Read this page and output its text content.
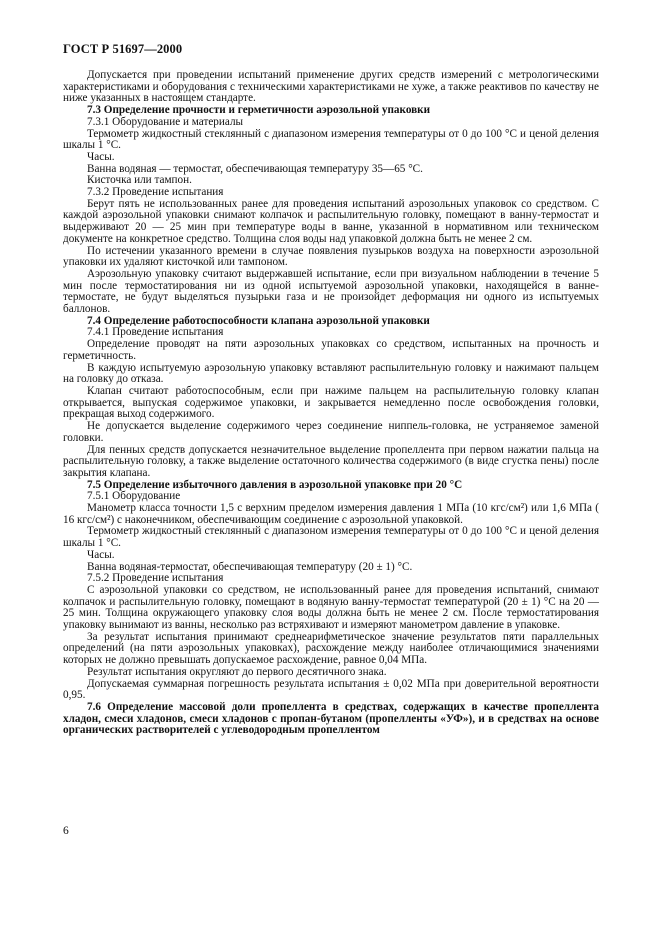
ГОСТ Р 51697—2000

Допускается при проведении испытаний применение других средств измерений с метрологическими характеристиками и оборудования с техническими характеристиками не хуже, а также реактивов по качеству не ниже указанных в настоящем стандарте.

7.3 Определение прочности и герметичности аэрозольной упаковки

7.3.1 Оборудование и материалы

Термометр жидкостный стеклянный с диапазоном измерения температуры от 0 до 100 °С и ценой деления шкалы 1 °С.

Часы.

Ванна водяная — термостат, обеспечивающая температуру 35—65 °С.

Кисточка или тампон.

7.3.2 Проведение испытания

Берут пять не использованных ранее для проведения испытаний аэрозольных упаковок со средством. С каждой аэрозольной упаковки снимают колпачок и распылительную головку, помещают в ванну-термостат и выдерживают 20 — 25 мин при температуре воды в ванне, указанной в нормативном или техническом документе на конкретное средство. Толщина слоя воды над упаковкой должна быть не менее 2 см.

По истечении указанного времени в случае появления пузырьков воздуха на поверхности аэрозольной упаковки их удаляют кисточкой или тампоном.

Аэрозольную упаковку считают выдержавшей испытание, если при визуальном наблюдении в течение 5 мин после термостатирования ни из одной испытуемой аэрозольной упаковки, находящейся в ванне-термостате, не будут выделяться пузырьки газа и не произойдет деформация ни одного из испытуемых баллонов.

7.4 Определение работоспособности клапана аэрозольной упаковки

7.4.1 Проведение испытания

Определение проводят на пяти аэрозольных упаковках со средством, испытанных на прочность и герметичность.

В каждую испытуемую аэрозольную упаковку вставляют распылительную головку и нажимают пальцем на головку до отказа.

Клапан считают работоспособным, если при нажиме пальцем на распылительную головку клапан открывается, выпуская содержимое упаковки, и закрывается немедленно после освобождения головки, прекращая выход содержимого.

Не допускается выделение содержимого через соединение ниппель-головка, не устраняемое заменой головки.

Для пенных средств допускается незначительное выделение пропеллента при первом нажатии пальца на распылительную головку, а также выделение остаточного количества содержимого (в виде сгустка пены) после закрытия клапана.

7.5 Определение избыточного давления в аэрозольной упаковке при 20 °С

7.5.1 Оборудование

Манометр класса точности 1,5 с верхним пределом измерения давления 1 МПа (10 кгс/см²) или 1,6 МПа ( 16 кгс/см²) с наконечником, обеспечивающим соединение с аэрозольной упаковкой.

Термометр жидкостный стеклянный с диапазоном измерения температуры от 0 до 100 °С и ценой деления шкалы 1 °С.

Часы.

Ванна водяная-термостат, обеспечивающая температуру (20 ± 1) °С.

7.5.2 Проведение испытания

С аэрозольной упаковки со средством, не использованный ранее для проведения испытаний, снимают колпачок и распылительную головку, помещают в водяную ванну-термостат температурой (20 ± 1) °С на 20 — 25 мин. Толщина окружающего упаковку слоя воды должна быть не менее 2 см. После термостатирования упаковку вынимают из ванны, несколько раз встряхивают и измеряют манометром давление в упаковке.

За результат испытания принимают среднеарифметическое значение результатов пяти параллельных определений (на пяти аэрозольных упаковках), расхождение между наиболее отличающимися значениями которых не должно превышать допускаемое расхождение, равное 0,04 МПа.

Результат испытания округляют до первого десятичного знака.

Допускаемая суммарная погрешность результата испытания ± 0,02 МПа при доверительной вероятности 0,95.

7.6 Определение массовой доли пропеллента в средствах, содержащих в качестве пропеллента хладон, смеси хладонов, смеси хладонов с пропан-бутаном (пропелленты «УФ»), и в средствах на основе органических растворителей с углеводородным пропеллентом

6
